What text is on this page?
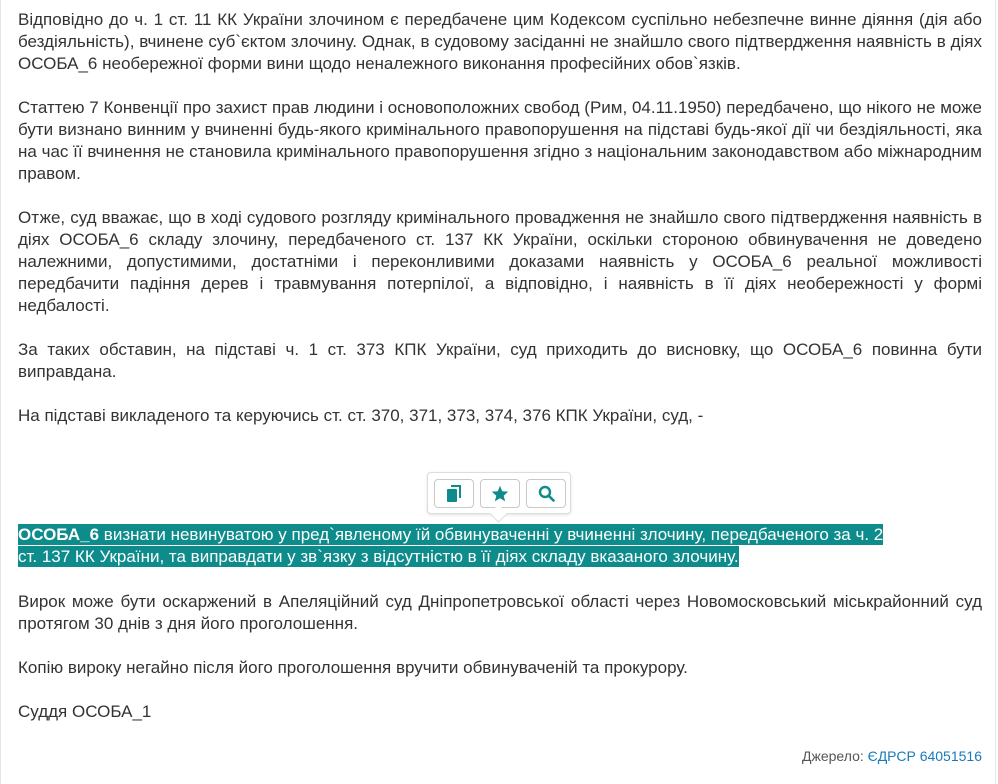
Відповідно до ч. 1 ст. 11 КК України злочином є передбачене цим Кодексом суспільно небезпечне винне діяння (дія або бездіяльність), вчинене суб`єктом злочину. Однак, в судовому засіданні не знайшло свого підтвердження наявність в діях ОСОБА_6 необережної форми вини щодо неналежного виконання професійних обов`язків.

Статтею 7 Конвенції про захист прав людини і основоположних свобод (Рим, 04.11.1950) передбачено, що нікого не може бути визнано винним у вчиненні будь-якого кримінального правопорушення на підставі будь-якої дії чи бездіяльності, яка на час її вчинення не становила кримінального правопорушення згідно з національним законодавством або міжнародним правом.

Отже, суд вважає, що в ході судового розгляду кримінального провадження не знайшло свого підтвердження наявність в діях ОСОБА_6 складу злочину, передбаченого ст. 137 КК України, оскільки стороною обвинувачення не доведено належними, допустимими, достатніми і переконливими доказами наявність у ОСОБА_6 реальної можливості передбачити падіння дерев і травмування потерпілої, а відповідно, і наявність в її діях необережності у формі недбалості.

За таких обставин, на підставі ч. 1 ст. 373 КПК України, суд приходить до висновку, що ОСОБА_6 повинна бути виправдана.

На підставі викладеного та керуючись ст. ст. 370, 371, 373, 374, 376 КПК України, суд, -

ОСОБА_6 визнати невинуватою у пред`явленому їй обвинуваченні у вчиненні злочину, передбаченого за ч. 2
ст. 137 КК України, та виправдати у зв`язку з відсутністю в її діях складу вказаного злочину.

Вирок може бути оскаржений в Апеляційний суд Дніпропетровської області через Новомосковський міськрайонний суд протягом 30 днів з дня його проголошення.

Копію вироку негайно після його проголошення вручити обвинуваченій та прокурору.

Суддя ОСОБА_1

Джерело: ЄДРСР 64051516
